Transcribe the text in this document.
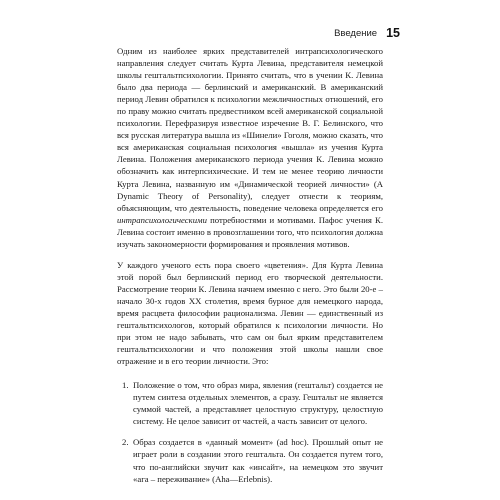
Введение 15

Одним из наиболее ярких представителей интрапсихологического направления следует считать Курта Левина, представителя немецкой школы гештальтпсихологии. Принято считать, что в учении К. Левина было два периода — берлинский и американский. В американский период Левин обратился к психологии межличностных отношений, его по праву можно считать предвестником всей американской социальной психологии. Перефразируя известное изречение В. Г. Белинского, что вся русская литература вышла из «Шинели» Гоголя, можно сказать, что вся американская социальная психология «вышла» из учения Курта Левина. Положения американского периода учения К. Левина можно обозначить как интерпсихические. И тем не менее теорию личности Курта Левина, названную им «Динамической теорией личности» (A Dynamic Theory of Personality), следует отнести к теориям, объясняющим, что деятельность, поведение человека определяется его интрапсихологическими потребностями и мотивами. Пафос учения К. Левина состоит именно в провозглашении того, что психология должна изучать закономерности формирования и проявления мотивов.

У каждого ученого есть пора своего «цветения». Для Курта Левина этой порой был берлинский период его творческой деятельности. Рассмотрение теории К. Левина начнем именно с него. Это были 20-е – начало 30-х годов XX столетия, время бурное для немецкого народа, время расцвета философии рационализма. Левин — единственный из гештальтпсихологов, который обратился к психологии личности. Но при этом не надо забывать, что сам он был ярким представителем гештальтпсихологии и что положения этой школы нашли свое отражение и в его теории личности. Это:

1. Положение о том, что образ мира, явления (гештальт) создается не путем синтеза отдельных элементов, а сразу. Гештальт не является суммой частей, а представляет целостную структуру, целостную систему. Не целое зависит от частей, а часть зависит от целого.
2. Образ создается в «данный момент» (ad hoc). Прошлый опыт не играет роли в создании этого гештальта. Он создается путем того, что по-английски звучит как «инсайт», на немецком это звучит «ага – переживание» (Aha—Erlebnis).
